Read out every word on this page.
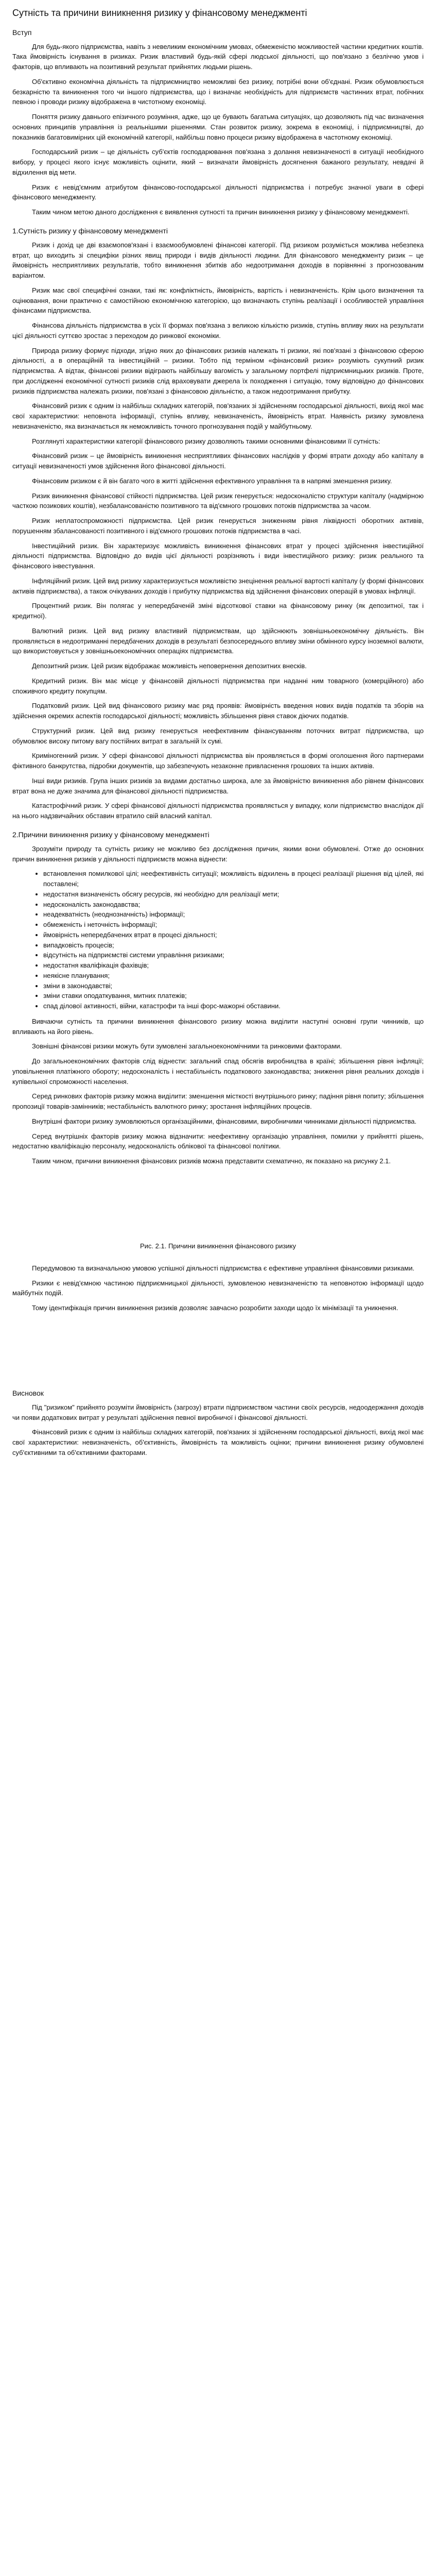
Сутність та причини виникнення ризику у фінансовому менеджменті
Вступ

Для будь-якого підприємства, навіть з невеликим економічним умовах, обмеженістю можливостей частини кредитних коштів. Така ймовірність існування в ризиках. Ризик властивий будь-якій сфері людської діяльності, що пов'язано з безліччю умов і факторів, що впливають на позитивний результат прийнятих людьми рішень.

Об'єктивно економічна діяльність та підприємництво неможливі без ризику, потрібні вони об'єднані. Ризик обумовлюється безкарністю та виникнення того чи іншого підприємства, що і визначає необхідність для підприємств частинних втрат, побічних певною і проводи ризику відображена в чистотному економіці.

Поняття ризику давнього епізичного розуміння, адже, що це бувають багатьма ситуаціях, що дозволяють під час визначення основних принципів управління із реальнішими рішеннями. Стан розвиток ризику, зокрема в економіці, і підприємництві, до показників багатовимірних цій економічній категорії, найбільш повно процеси ризику відображена в частотному економіці.

Господарський ризик – це діяльність суб'єктів господарювання пов'язана з долання невизначеності в ситуації необхідного вибору, у процесі якого існує можливість оцінити, який – визначати ймовірність досягнення бажаного результату, невдачі й відхилення від мети.

Ризик є невід'ємним атрибутом фінансово-господарської діяльності підприємства і потребує значної уваги в сфері фінансового менеджменту.

Таким чином метою даного дослідження є виявлення сутності та причин виникнення ризику у фінансовому менеджменті.

1.Сутність ризику у фінансовому менеджменті

Ризик і дохід це дві взаємопов'язані і взаємообумовлені фінансові категорії. Під ризиком розуміється можлива небезпека втрат, що виходить зі специфіки різних явищ природи і видів діяльності людини. Для фінансового менеджменту ризик – це ймовірність несприятливих результатів, тобто виникнення збитків або недоотримання доходів в порівнянні з прогнозованим варіантом.

Ризик має свої специфічні ознаки, такі як: конфліктність, ймовірність, вартість і невизначеність. Крім цього визначення та оцінювання, вони практично є самостійною економічною категорією, що визначають ступінь реалізації і особливостей управління фінансами підприємства.

Фінансова діяльність підприємства в усіх її формах пов'язана з великою кількістю ризиків, ступінь впливу яких на результати цієї діяльності суттєво зростає з переходом до ринкової економіки.

Природа ризику формує підходи, згідно яких до фінансових ризиків належать ті ризики, які пов'язані з фінансовою сферою діяльності, а в операційній та інвестиційній – ризики. Тобто під терміном «фінансовий ризик» розуміють сукупний ризик підприємства. А відтак, фінансові ризики відіграють найбільшу вагомість у загальному портфелі підприємницьких ризиків. Проте, при дослідженні економічної сутності ризиків слід враховувати джерела їх походження і ситуацію, тому відповідно до фінансових ризиків підприємства належать ризики, пов'язані з фінансовою діяльністю, а також недоотримання прибутку.

Фінансовий ризик є одним із найбільш складних категорій, пов'язаних зі здійсненням господарської діяльності, вихід якої має свої характеристики: неповнота інформації, ступінь впливу, невизначеність, ймовірність втрат. Наявність ризику зумовлена невизначеністю, яка визначається як неможливість точного прогнозування подій у майбутньому.

Розглянуті характеристики категорії фінансового ризику дозволяють такими основними фінансовими її сутність:

Фінансовий ризик – це ймовірність виникнення несприятливих фінансових наслідків у формі втрати доходу або капіталу в ситуації невизначеності умов здійснення його фінансової діяльності.

Фінансовим ризиком є й він багато чого в житті здійснення ефективного управління та в напрямі зменшення ризику.

Ризик виникнення фінансової стійкості підприємства. Цей ризик генерується: недосконалістю структури капіталу (надмірною часткою позикових коштів), незбалансованістю позитивного та від'ємного грошових потоків підприємства за часом.

Ризик неплатоспроможності підприємства. Цей ризик генерується зниженням рівня ліквідності оборотних активів, порушенням збалансованості позитивного і від'ємного грошових потоків підприємства в часі.

Інвестиційний ризик. Він характеризує можливість виникнення фінансових втрат у процесі здійснення інвестиційної діяльності підприємства. Відповідно до видів цієї діяльності розрізняють і види інвестиційного ризику: ризик реального та фінансового інвестування.

Інфляційний ризик. Цей вид ризику характеризується можливістю знецінення реальної вартості капіталу (у формі фінансових активів підприємства), а також очікуваних доходів і прибутку підприємства від здійснення фінансових операцій в умовах інфляції.

Процентний ризик. Він полягає у непередбаченій зміні відсоткової ставки на фінансовому ринку (як депозитної, так і кредитної).

Валютний ризик. Цей вид ризику властивий підприємствам, що здійснюють зовнішньоекономічну діяльність. Він проявляється в недоотриманні передбачених доходів в результаті безпосереднього впливу зміни обмінного курсу іноземної валюти, що використовується у зовнішньоекономічних операціях підприємства.

Депозитний ризик. Цей ризик відображає можливість неповернення депозитних внесків.

Кредитний ризик. Він має місце у фінансовій діяльності підприємства при наданні ним товарного (комерційного) або споживчого кредиту покупцям.

Податковий ризик. Цей вид фінансового ризику має ряд проявів: ймовірність введення нових видів податків та зборів на здійснення окремих аспектів господарської діяльності; можливість збільшення рівня ставок діючих податків.

Структурний ризик. Цей вид ризику генерується неефективним фінансуванням поточних витрат підприємства, що обумовлює високу питому вагу постійних витрат в загальній їх сумі.

Криміногенний ризик. У сфері фінансової діяльності підприємства він проявляється в формі оголошення його партнерами фіктивного банкрутства, підробки документів, що забезпечують незаконне привласнення грошових та інших активів.

Інші види ризиків. Група інших ризиків за видами достатньо широка, але за ймовірністю виникнення або рівнем фінансових втрат вона не дуже значима для фінансової діяльності підприємства.

Катастрофічний ризик. У сфері фінансової діяльності підприємства проявляється у випадку, коли підприємство внаслідок дії на нього надзвичайних обставин втратило свій власний капітал.

2.Причини виникнення ризику у фінансовому менеджменті

Зрозуміти природу та сутність ризику не можливо без дослідження причин, якими вони обумовлені. Отже до основних причин виникнення ризиків у діяльності підприємств можна віднести:

• встановлення помилкової цілі; неефективність ситуації; можливість відхилень в процесі реалізації рішення від цілей, які поставлені;
• недостатня визначеність обсягу ресурсів, які необхідно для реалізації мети;
• недосконалість законодавства;
• неадекватність (неоднозначність) інформації;
• обмеженість і неточність інформації;
• ймовірність непередбачених втрат в процесі діяльності;
• випадковість процесів;
• відсутність на підприємстві системи управління ризиками;
• недостатня кваліфікація фахівців;
• неякісне планування;
• зміни в законодавстві;
• зміни ставки оподаткування, митних платежів;
• спад ділової активності, війни, катастрофи та інші форс-мажорні обставини.

Вивчаючи сутність та причини виникнення фінансового ризику можна виділити наступні основні групи чинників, що впливають на його рівень.

Зовнішні фінансові ризики можуть бути зумовлені загальноекономічними та ринковими факторами.

До загальноекономічних факторів слід віднести: загальний спад обсягів виробництва в країні; збільшення рівня інфляції; уповільнення платіжного обороту; недосконалість і нестабільність податкового законодавства; зниження рівня реальних доходів і купівельної спроможності населення.

Серед ринкових факторів ризику можна виділити: зменшення місткості внутрішнього ринку; падіння рівня попиту; збільшення пропозиції товарів-замінників; нестабільність валютного ринку; зростання інфляційних процесів.

Внутрішні фактори ризику зумовлюються організаційними, фінансовими, виробничими чинниками діяльності підприємства.

Серед внутрішніх факторів ризику можна відзначити: неефективну організацію управління, помилки у прийнятті рішень, недостатню кваліфікацію персоналу, недосконалість облікової та фінансової політики.

Таким чином, причини виникнення фінансових ризиків можна представити схематично, як показано на рисунку 2.1.

Рис. 2.1. Причини виникнення фінансового ризику

Передумовою та визначальною умовою успішної діяльності підприємства є ефективне управління фінансовими ризиками.

Ризики є невід'ємною частиною підприємницької діяльності, зумовленою невизначеністю та неповнотою інформації щодо майбутніх подій.

Тому ідентифікація причин виникнення ризиків дозволяє завчасно розробити заходи щодо їх мінімізації та уникнення.

Висновок

Під "ризиком" прийнято розуміти ймовірність (загрозу) втрати підприємством частини своїх ресурсів, недоодержання доходів чи появи додаткових витрат у результаті здійснення певної виробничої і фінансової діяльності.

Фінансовий ризик є одним із найбільш складних категорій, пов'язаних зі здійсненням господарської діяльності, вихід якої має свої характеристики: невизначеність, об'єктивність, ймовірність та можливість оцінки; причини виникнення ризику обумовлені суб'єктивними та об'єктивними факторами.
